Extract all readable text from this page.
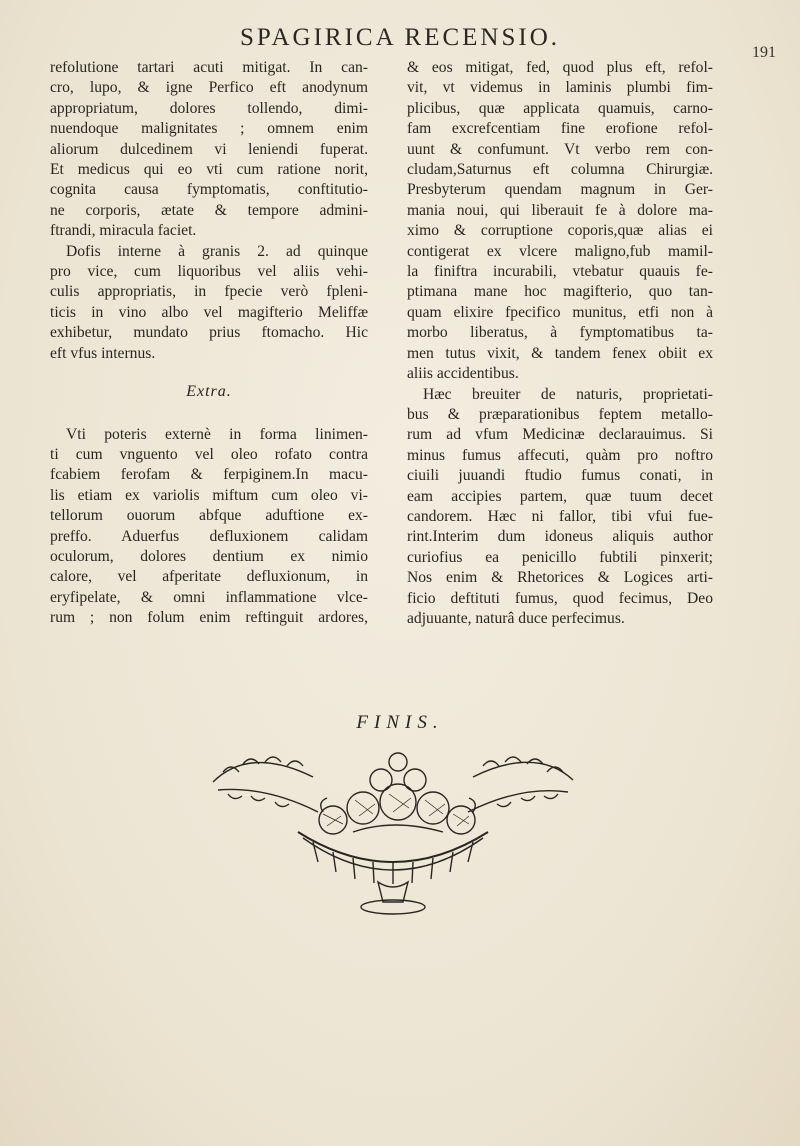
SPAGIRICA RECENSIO.
191
refolutione tartari acuti mitigat. In can-
cro, lupo, & igne Perfico eft anodynum
appropriatum, dolores tollendo, dimi-
nuendoque malignitates ; omnem enim
aliorum dulcedinem vi leniendi fuperat.
Et medicus qui eo vti cum ratione norit,
cognita causa fymptomatis, conftitutio-
ne corporis, ætate & tempore admini-
ftrandi, miracula faciet.
Dofis interne à granis 2. ad quinque
pro vice, cum liquoribus vel aliis vehi-
culis appropriatis, in fpecie verò fpleni-
ticis in vino albo vel magifterio Meliffæ
exhibetur, mundato prius ftomacho. Hic
eft vfus internus.
Extra.
Vti poteris externè in forma linimen-
ti cum vnguento vel oleo rofato contra
fcabiem ferofam & ferpiginem.In macu-
lis etiam ex variolis miftum cum oleo vi-
tellorum ouorum abfque aduftione ex-
preffo. Aduerfus defluxionem calidam
oculorum, dolores dentium ex nimio
calore, vel afperitate defluxionum, in
eryfipelate, & omni inflammatione vlce-
rum ; non folum enim reftinguit ardores,
& eos mitigat, fed, quod plus eft, refol-
vit, vt videmus in laminis plumbi fim-
plicibus, quæ applicata quamuis, carno-
fam excrefcentiam fine erofione refol-
uunt & confumunt. Vt verbo rem con-
cludam,Saturnus eft columna Chirurgiæ.
Presbyterum quendam magnum in Ger-
mania noui, qui liberauit fe à dolore ma-
ximo & corruptione coporis,quæ alias ei
contigerat ex vlcere maligno,fub mamil-
la finiftra incurabili, vtebatur quauis fe-
ptimana mane hoc magifterio, quo tan-
quam elixire fpecifico munitus, etfi non à
morbo liberatus, à fymptomatibus ta-
men tutus vixit, & tandem fenex obiit ex
aliis accidentibus.
Hæc breuiter de naturis, proprietati-
bus & præparationibus feptem metallo-
rum ad vfum Medicinæ declarauimus. Si
minus fumus affecuti, quàm pro noftro
ciuili juuandi ftudio fumus conati, in
eam accipies partem, quæ tuum decet
candorem. Hæc ni fallor, tibi vfui fue-
rint.Interim dum idoneus aliquis author
curiofius ea penicillo fubtili pinxerit;
Nos enim & Rhetorices & Logices arti-
ficio deftituti fumus, quod fecimus, Deo
adjuuante, naturâ duce perfecimus.
FINIS.
